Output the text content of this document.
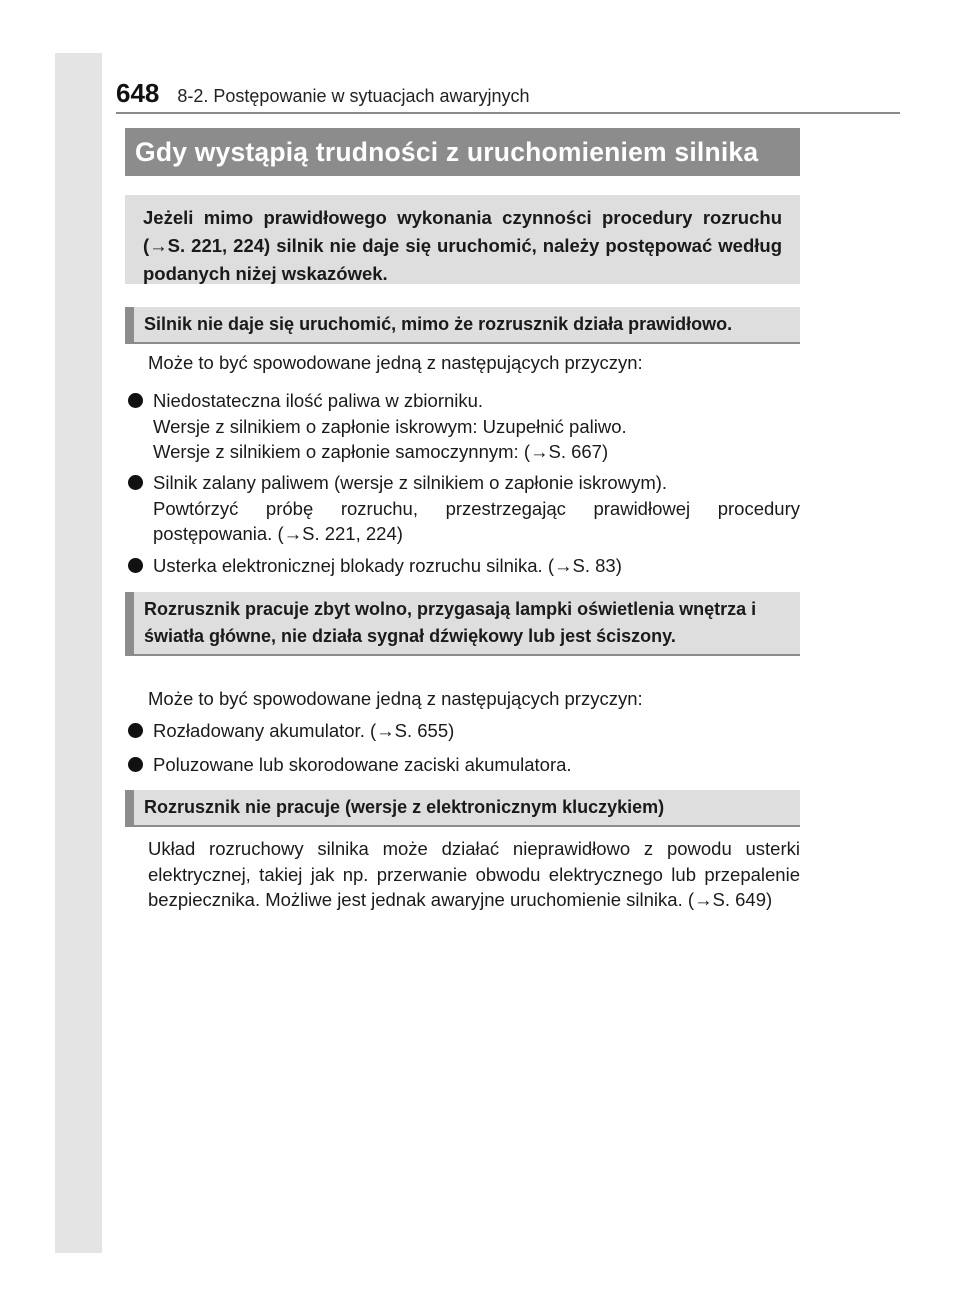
648 8-2. Postępowanie w sytuacjach awaryjnych
Gdy wystąpią trudności z uruchomieniem silnika

Jeżeli mimo prawidłowego wykonania czynności procedury rozruchu (→S. 221, 224) silnik nie daje się uruchomić, należy postępować według podanych niżej wskazówek.

Silnik nie daje się uruchomić, mimo że rozrusznik działa prawidłowo.

Może to być spowodowane jedną z następujących przyczyn:

Niedostateczna ilość paliwa w zbiorniku.
Wersje z silnikiem o zapłonie iskrowym: Uzupełnić paliwo.
Wersje z silnikiem o zapłonie samoczynnym: (→S. 667)
Silnik zalany paliwem (wersje z silnikiem o zapłonie iskrowym).
Powtórzyć próbę rozruchu, przestrzegając prawidłowej procedury
postępowania. (→S. 221, 224)
Usterka elektronicznej blokady rozruchu silnika. (→S. 83)
Rozrusznik pracuje zbyt wolno, przygasają lampki oświetlenia wnętrza i światła główne, nie działa sygnał dźwiękowy lub jest ściszony.

Może to być spowodowane jedną z następujących przyczyn:

Rozładowany akumulator. (→S. 655)
Poluzowane lub skorodowane zaciski akumulatora.
Rozrusznik nie pracuje (wersje z elektronicznym kluczykiem)

Układ rozruchowy silnika może działać nieprawidłowo z powodu usterki elektrycznej, takiej jak np. przerwanie obwodu elektrycznego lub przepalenie bezpiecznika. Możliwe jest jednak awaryjne uruchomienie silnika. (→S. 649)
